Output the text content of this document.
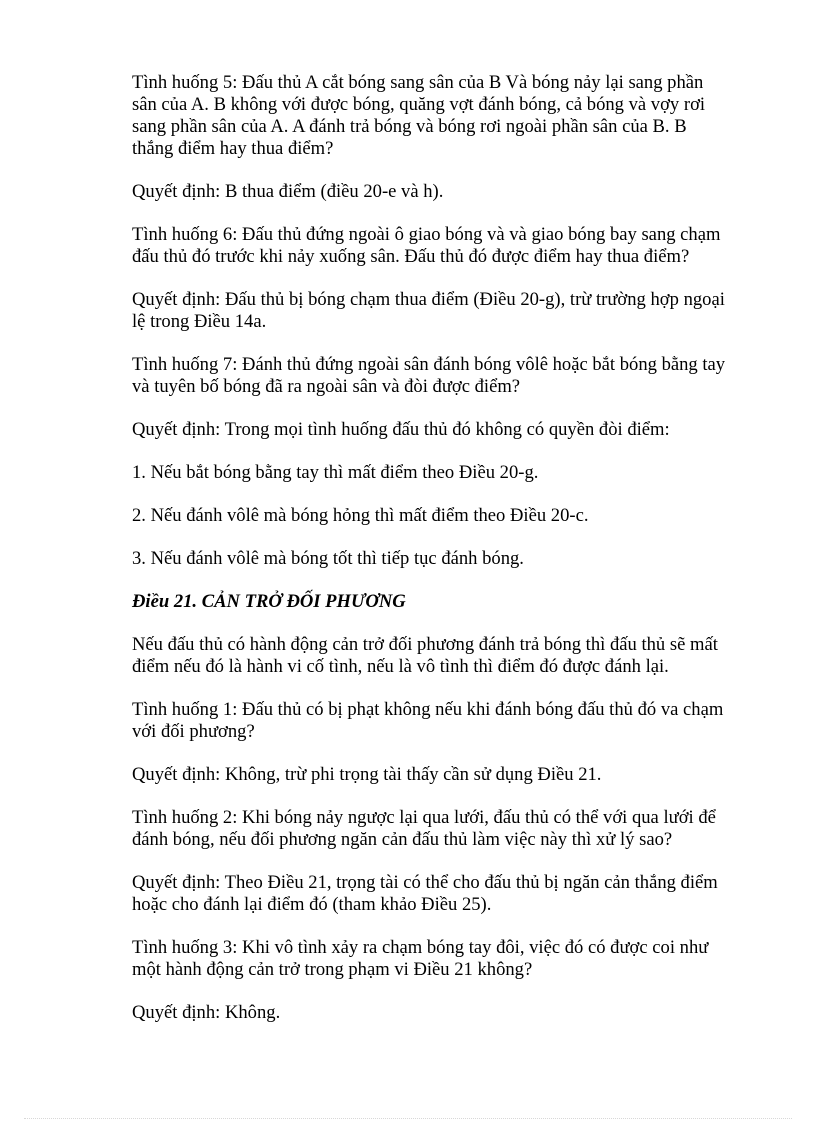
Tình huống 5: Đấu thủ A cắt bóng sang sân của B Và bóng nảy lại sang phần sân của A. B không với được bóng, quăng vợt đánh bóng, cả bóng và vợy rơi sang phần sân của A. A đánh trả bóng và bóng rơi ngoài phần sân của B. B thắng điểm hay thua điểm?

Quyết định: B thua điểm (điều 20-e và h).

Tình huống 6: Đấu thủ đứng ngoài ô giao bóng và và giao bóng bay sang chạm đấu thủ đó trước khi nảy xuống sân. Đấu thủ đó được điểm hay thua điểm?

Quyết định: Đấu thủ bị bóng chạm thua điểm (Điều 20-g), trừ trường hợp ngoại lệ trong Điều 14a.

Tình huống 7: Đánh thủ đứng ngoài sân đánh bóng vôlê hoặc bắt bóng bằng tay và tuyên bố bóng đã ra ngoài sân và đòi được điểm?

Quyết định: Trong mọi tình huống đấu thủ đó không có quyền đòi điểm:

1. Nếu bắt bóng bằng tay thì mất điểm theo Điều 20-g.

2. Nếu đánh vôlê mà bóng hỏng thì mất điểm theo Điều 20-c.

3. Nếu đánh vôlê mà bóng tốt thì tiếp tục đánh bóng.

Điều 21. CẢN TRỞ ĐỐI PHƯƠNG

Nếu đấu thủ có hành động cản trở đối phương đánh trả bóng thì đấu thủ sẽ mất điểm nếu đó là hành vi cố tình, nếu là vô tình thì điểm đó được đánh lại.

Tình huống 1: Đấu thủ có bị phạt không nếu khi đánh bóng đấu thủ đó va chạm với đối phương?

Quyết định: Không, trừ phi trọng tài thấy cần sử dụng Điều 21.

Tình huống 2: Khi bóng nảy ngược lại qua lưới, đấu thủ có thể với qua lưới để đánh bóng, nếu đối phương ngăn cản đấu thủ làm việc này thì xử lý sao?

Quyết định: Theo Điều 21, trọng tài có thể cho đấu thủ bị ngăn cản thắng điểm hoặc cho đánh lại điểm đó (tham khảo Điều 25).

Tình huống 3: Khi vô tình xảy ra chạm bóng tay đôi, việc đó có được coi như một hành động cản trở trong phạm vi Điều 21 không?

Quyết định: Không.
